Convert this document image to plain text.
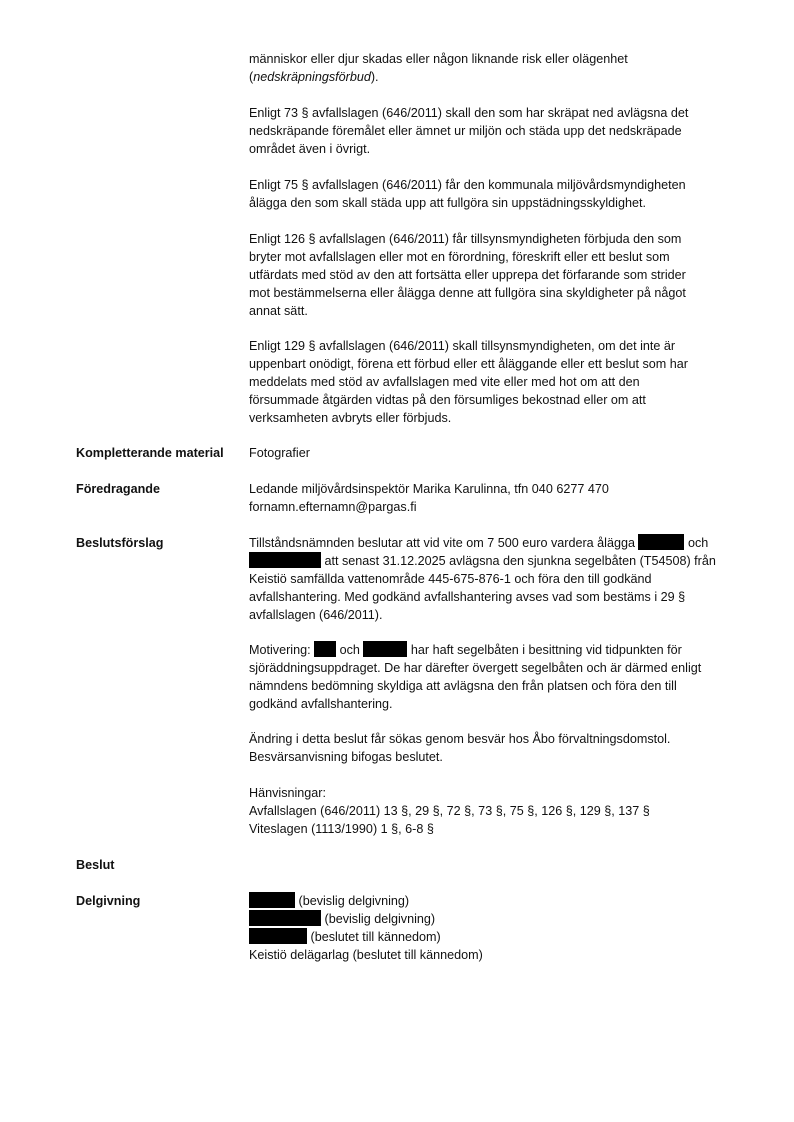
människor eller djur skadas eller någon liknande risk eller olägenhet

(nedskräpningsförbud).

Enligt 73 § avfallslagen (646/2011) skall den som har skräpat ned avlägsna det

nedskräpande föremålet eller ämnet ur miljön och städa upp det nedskräpade

området även i övrigt.

Enligt 75 § avfallslagen (646/2011) får den kommunala miljövårdsmyndigheten

ålägga den som skall städa upp att fullgöra sin uppstädningsskyldighet.

Enligt 126 § avfallslagen (646/2011) får tillsynsmyndigheten förbjuda den som

bryter mot avfallslagen eller mot en förordning, föreskrift eller ett beslut som

utfärdats med stöd av den att fortsätta eller upprepa det förfarande som strider

mot bestämmelserna eller ålägga denne att fullgöra sina skyldigheter på något

annat sätt.

Enligt 129 § avfallslagen (646/2011) skall tillsynsmyndigheten, om det inte är

uppenbart onödigt, förena ett förbud eller ett åläggande eller ett beslut som har

meddelats med stöd av avfallslagen med vite eller med hot om att den

försummade åtgärden vidtas på den försumliges bekostnad eller om att

verksamheten avbryts eller förbjuds.

Kompletterande material Fotografier

Föredragande	Ledande miljövårdsinspektör Marika Karulinna, tfn 040 6277 470

fornamn.efternamn@pargas.fi

Beslutsförslag	Tillståndsnämnden beslutar att vid vite om 7 500 euro vardera ålägga	och

att senast 31.12.2025 avlägsna den sjunkna segelbåten (T54508) från

Keistiö samfällda vattenområde 445-675-876-1 och föra den till godkänd

avfallshantering. Med godkänd avfallshantering avses vad som bestäms i 29 §

avfallslagen (646/2011).

Motivering: och	har haft segelbåten i besittning vid tidpunkten för

sjöräddningsuppdraget. De har därefter övergett segelbåten och är därmed enligt

nämndens bedömning skyldiga att avlägsna den från platsen och föra den till

godkänd avfallshantering.

Ändring i detta beslut får sökas genom besvär hos Åbo förvaltningsdomstol.

Besvärsanvisning bifogas beslutet.

Hänvisningar:

Avfallslagen (646/2011) 13 §, 29 §, 72 §, 73 §, 75 §, 126 §, 129 §, 137 §

Viteslagen (1113/1990) 1 §, 6-8 §

Beslut
Delgivning	(bevislig delgivning)

(bevislig delgivning)

(beslutet till kännedom)

Keistiö delägarlag (beslutet till kännedom)
